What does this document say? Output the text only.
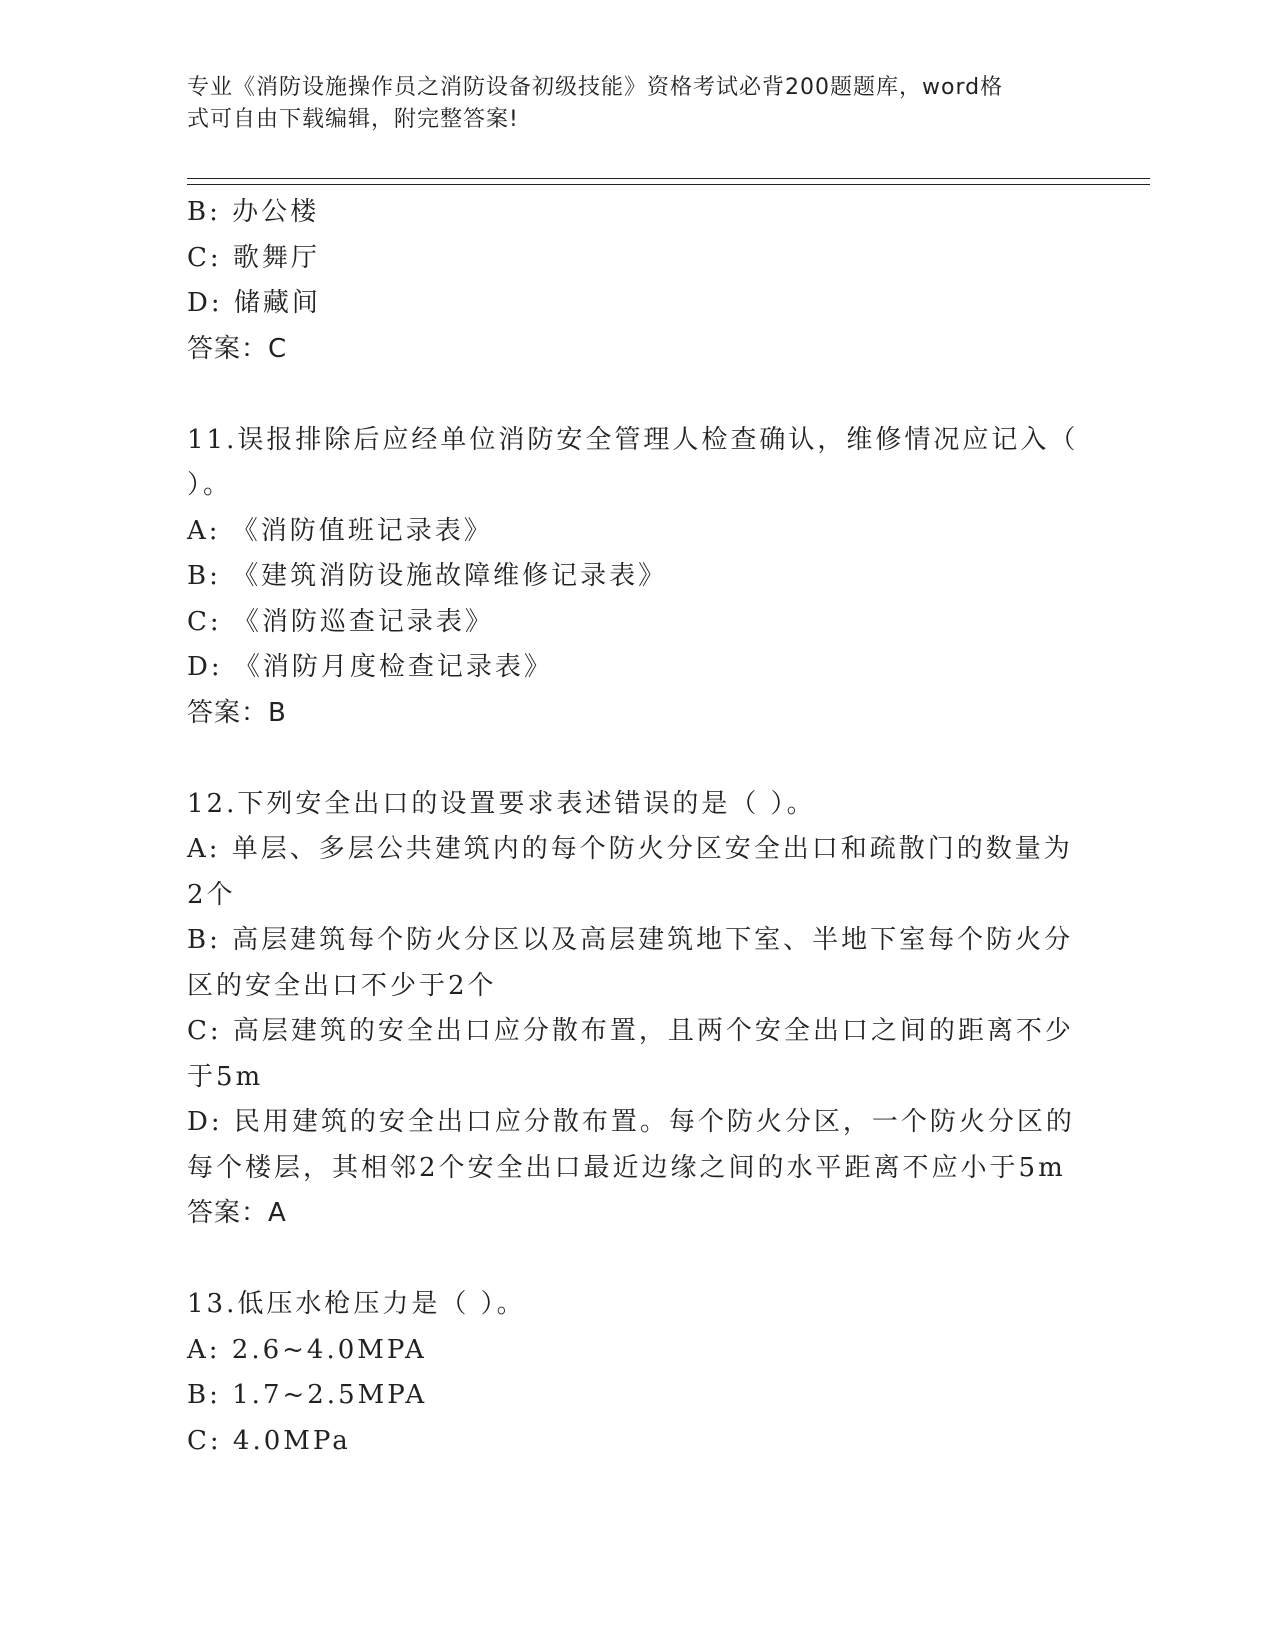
专业《消防设施操作员之消防设备初级技能》资格考试必背200题题库，word格
式可自由下载编辑，附完整答案!
B: 办公楼
C: 歌舞厅
D: 储藏间
答案：C
11.误报排除后应经单位消防安全管理人检查确认，维修情况应记入（
）。
A: 《消防值班记录表》
B: 《建筑消防设施故障维修记录表》
C: 《消防巡查记录表》
D: 《消防月度检查记录表》
答案：B
12.下列安全出口的设置要求表述错误的是（ ）。
A: 单层、多层公共建筑内的每个防火分区安全出口和疏散门的数量为
2个
B: 高层建筑每个防火分区以及高层建筑地下室、半地下室每个防火分
区的安全出口不少于2个
C: 高层建筑的安全出口应分散布置，且两个安全出口之间的距离不少
于5m
D: 民用建筑的安全出口应分散布置。每个防火分区，一个防火分区的
每个楼层，其相邻2个安全出口最近边缘之间的水平距离不应小于5m
答案：A
13.低压水枪压力是（ ）。
A: 2.6~4.0MPA
B: 1.7~2.5MPA
C: 4.0MPa
